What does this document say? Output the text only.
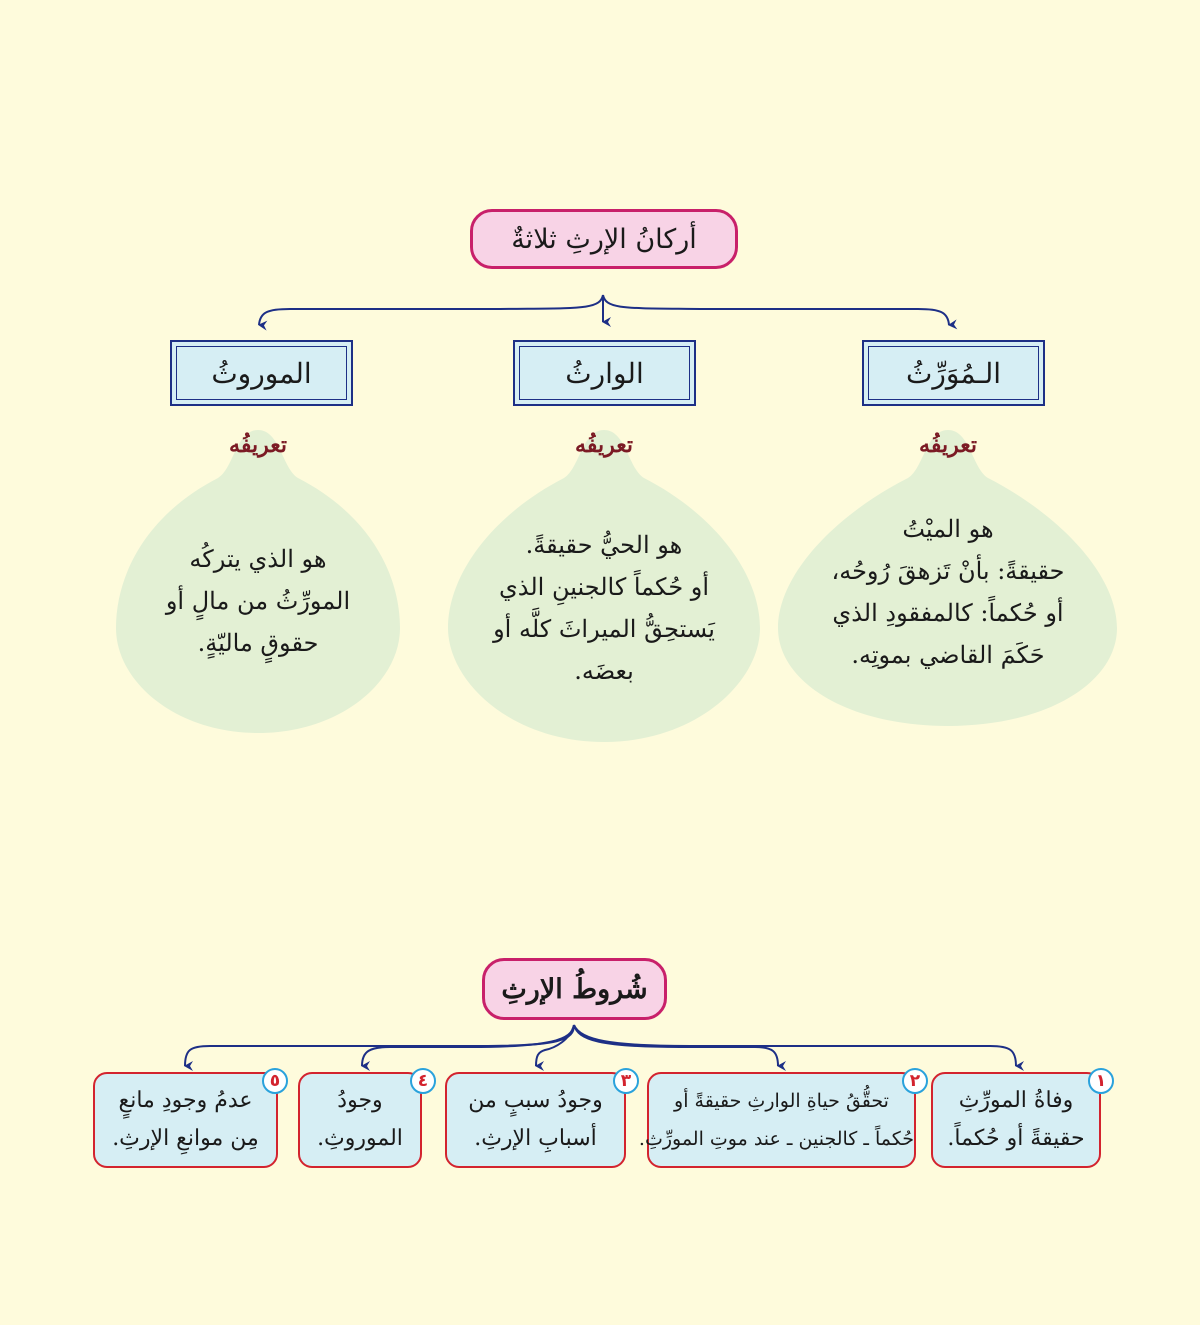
أركانُ الإرثِ ثلاثةٌ
الـمُوَرِّثُ
الوارثُ
الموروثُ
تعريفُه
تعريفُه
تعريفُه
هو الميْتُ
حقيقةً: بأنْ تَزهقَ رُوحُه،
أو حُكماً: كالمفقودِ الذي
حَكَمَ القاضي بموتِه.
هو الحيُّ حقيقةً.
أو حُكماً كالجنينِ الذي
يَستحِقُّ الميراثَ كلَّه أو
بعضَه.
هو الذي يتركُه
المورِّثُ من مالٍ أو
حقوقٍ ماليّةٍ.
شُروطُ الإرثِ
وفاةُ المورِّثِ
حقيقةً أو حُكماً.
١
تحقُّقُ حياةِ الوارثِ حقيقةً أو
حُكماً ـ كالجنين ـ عند موتِ المورِّثِ.
٢
وجودُ سببٍ من
أسبابِ الإرثِ.
٣
وجودُ
الموروثِ.
٤
عدمُ وجودِ مانعٍ
مِن موانعِ الإرثِ.
٥
